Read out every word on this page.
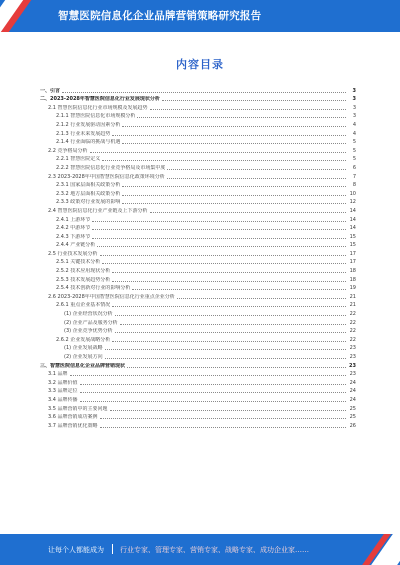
智慧医院信息化企业品牌营销策略研究报告
内容目录
一、引言	3
二、2023-2028年智慧医院信息化行业发展现状分析	3
2.1 智慧医院信息化行业市场规模及发展趋势	3
2.1.1 智慧医院信息化市场规模分析	3
2.1.2 行业发展驱动因素分析	4
2.1.3 行业未来发展趋势	4
2.1.4 行业面临的挑战与机遇	5
2.2 竞争格局分析	5
2.2.1 智慧医院定义	5
2.2.2 智慧医院信息化行业竞争格局及市场集中度	6
2.3 2023-2028年中国智慧医院信息化政策环境分析	7
2.3.1 国家层面相关政策分析	8
2.3.2 地方层面相关政策分析	10
2.3.3 政策对行业发展的影响	12
2.4 智慧医院信息化行业产业链及上下游分析	14
2.4.1 上游环节	14
2.4.2 中游环节	14
2.4.3 下游环节	15
2.4.4 产业链分析	15
2.5 行业技术发展分析	17
2.5.1 关键技术分析	17
2.5.2 技术应用现状分析	18
2.5.3 技术发展趋势分析	18
2.5.4 技术创新对行业的影响分析	19
2.6 2023-2028年中国智慧医院信息化行业重点企业分析	21
2.6.1 重点企业基本情况	21
(1) 企业经营状况分析	22
(2) 企业产品及服务分析	22
(3) 企业竞争优势分析	22
2.6.2 企业发展战略分析	22
(1) 企业发展战略	23
(2) 企业发展方向	23
三、智慧医院信息化企业品牌营销现状	23
3.1 品牌	23
3.2 品牌价值	24
3.3 品牌定位	24
3.4 品牌传播	24
3.5 品牌营销中的主要问题	25
3.6 品牌营销成功案例	25
3.7 品牌营销优化策略	26
让每个人都能成为 行业专家、管理专家、营销专家、战略专家、成功企业家……
